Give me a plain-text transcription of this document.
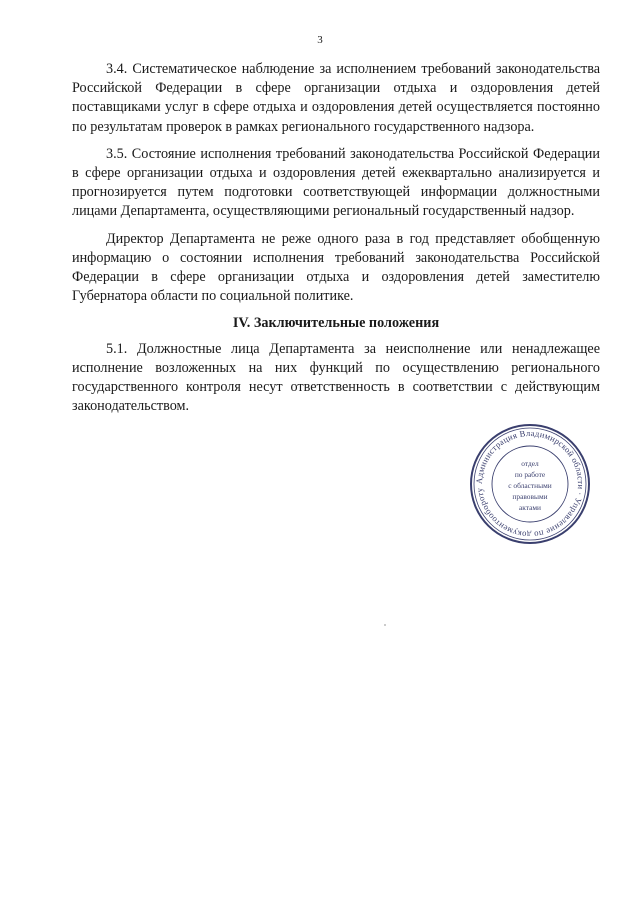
3

3.4. Систематическое наблюдение за исполнением требований законодательства Российской Федерации в сфере организации отдыха и оздоровления детей поставщиками услуг в сфере отдыха и оздоровления детей осуществляется постоянно по результатам проверок в рамках регионального государственного надзора.

3.5. Состояние исполнения требований законодательства Российской Федерации в сфере организации отдыха и оздоровления детей ежеквартально анализируется и прогнозируется путем подготовки соответствующей информации должностными лицами Департамента, осуществляющими региональный государственный надзор.

Директор Департамента не реже одного раза в год представляет обобщенную информацию о состоянии исполнения требований законодательства Российской Федерации в сфере организации отдыха и оздоровления детей заместителю Губернатора области по социальной политике.

IV. Заключительные положения

5.1. Должностные лица Департамента за неисполнение или ненадлежащее исполнение возложенных на них функций по осуществлению регионального государственного контроля несут ответственность в соответствии с действующим законодательством.

Администрация Владимирской области · Управление по документообороту
отдел
по работе
с областными
правовыми
актами
